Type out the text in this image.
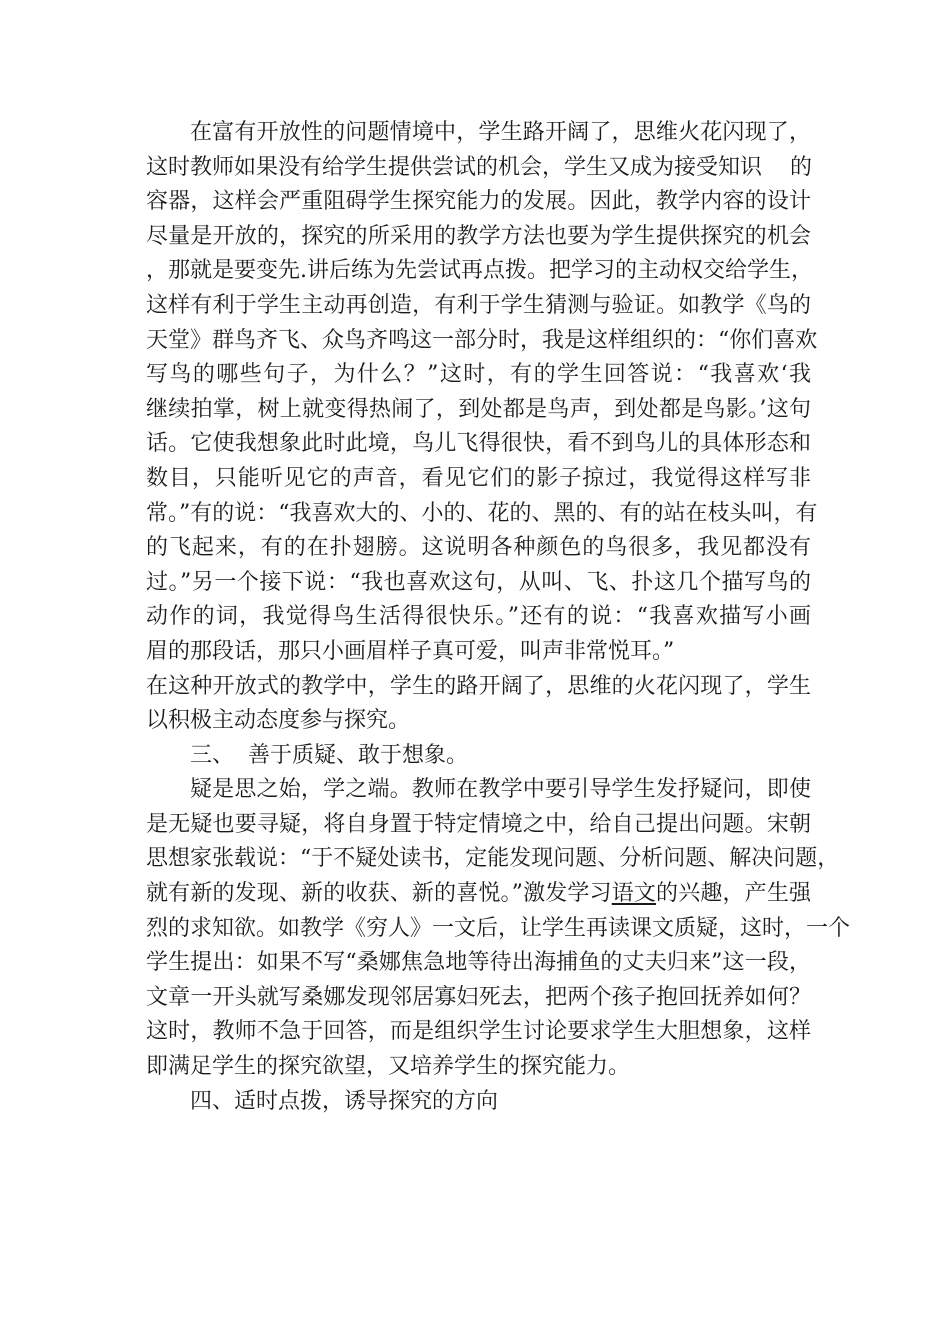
在富有开放性的问题情境中，学生路开阔了，思维火花闪现了，
这时教师如果没有给学生提供尝试的机会，学生又成为接受知识    的
容器，这样会严重阻碍学生探究能力的发展。因此，教学内容的设计
尽量是开放的，探究的所采用的教学方法也要为学生提供探究的机会
，那就是要变先.讲后练为先尝试再点拨。把学习的主动权交给学生，
这样有利于学生主动再创造，有利于学生猜测与验证。如教学《鸟的
天堂》群鸟齐飞、众鸟齐鸣这一部分时，我是这样组织的：“你们喜欢
写鸟的哪些句子，为什么？”这时，有的学生回答说：“我喜欢‘我
继续拍掌，树上就变得热闹了，到处都是鸟声，到处都是鸟影。’这句
话。它使我想象此时此境，鸟儿飞得很快，看不到鸟儿的具体形态和
数目，只能听见它的声音，看见它们的影子掠过，我觉得这样写非
常。”有的说：“我喜欢大的、小的、花的、黑的、有的站在枝头叫，有
的飞起来，有的在扑翅膀。这说明各种颜色的鸟很多，我见都没有
过。”另一个接下说：“我也喜欢这句，从叫、飞、扑这几个描写鸟的
动作的词，我觉得鸟生活得很快乐。”还有的说：“我喜欢描写小画
眉的那段话，那只小画眉样子真可爱，叫声非常悦耳。”
在这种开放式的教学中，学生的路开阔了，思维的火花闪现了，学生
以积极主动态度参与探究。
三、  善于质疑、敢于想象。
疑是思之始，学之端。教师在教学中要引导学生发抒疑问，即使
是无疑也要寻疑，将自身置于特定情境之中，给自己提出问题。宋朝
思想家张载说：“于不疑处读书，定能发现问题、分析问题、解决问题，
就有新的发现、新的收获、新的喜悦。”激发学习语文的兴趣，产生强
烈的求知欲。如教学《穷人》一文后，让学生再读课文质疑，这时，一个
学生提出：如果不写“桑娜焦急地等待出海捕鱼的丈夫归来”这一段，
文章一开头就写桑娜发现邻居寡妇死去，把两个孩子抱回抚养如何？
这时，教师不急于回答，而是组织学生讨论要求学生大胆想象，这样
即满足学生的探究欲望，又培养学生的探究能力。
四、适时点拨，诱导探究的方向
